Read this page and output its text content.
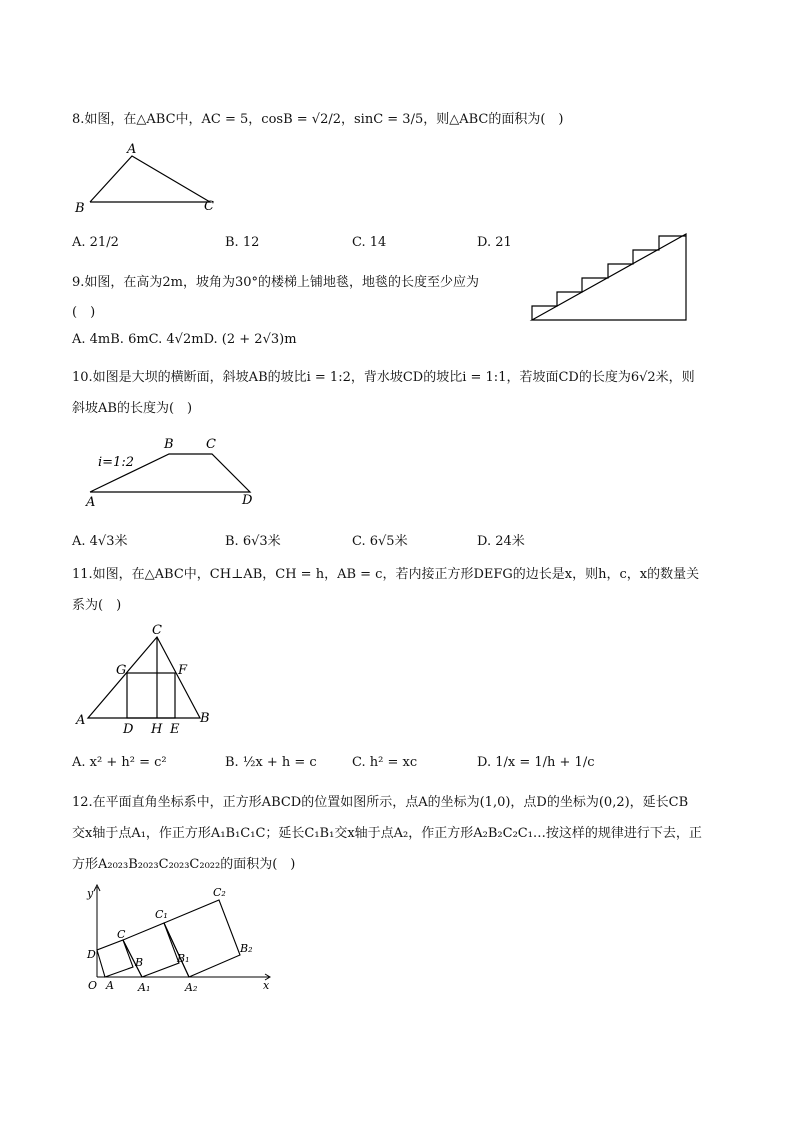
8.如图，在△ABC中，AC = 5，cosB = √2/2，sinC = 3/5，则△ABC的面积为(　)
A
B	C
A. 21/2	B. 12	C. 14	D. 21
9.如图，在高为2m，坡角为30°的楼梯上铺地毯，地毯的长度至少应为
(　)
A. 4mB. 6mC. 4√2mD. (2 + 2√3)m
10.如图是大坝的横断面，斜坡AB的坡比i = 1:2，背水坡CD的坡比i = 1:1，若坡面CD的长度为6√2米，则
斜坡AB的长度为(　)
B C
i=1:2
A	D
A. 4√3米	B. 6√3米	C. 6√5米	D. 24米
11.如图，在△ABC中，CH⊥AB，CH = h，AB = c，若内接正方形DEFG的边长是x，则h，c，x的数量关
系为(　)
C
G	F
A
D H E
B
A. x² + h² = c²	B. ½x + h = c	C. h² = xc	D. 1/x = 1/h + 1/c
12.在平面直角坐标系中，正方形ABCD的位置如图所示，点A的坐标为(1,0)，点D的坐标为(0,2)，延长CB
交x轴于点A₁，作正方形A₁B₁C₁C；延长C₁B₁交x轴于点A₂，作正方形A₂B₂C₂C₁…按这样的规律进行下去，正
方形A₂₀₂₃B₂₀₂₃C₂₀₂₃C₂₀₂₂的面积为(　)
y	C₂
C₁
C
D
B	B₁
B₂
O A A₁	A₂	x
